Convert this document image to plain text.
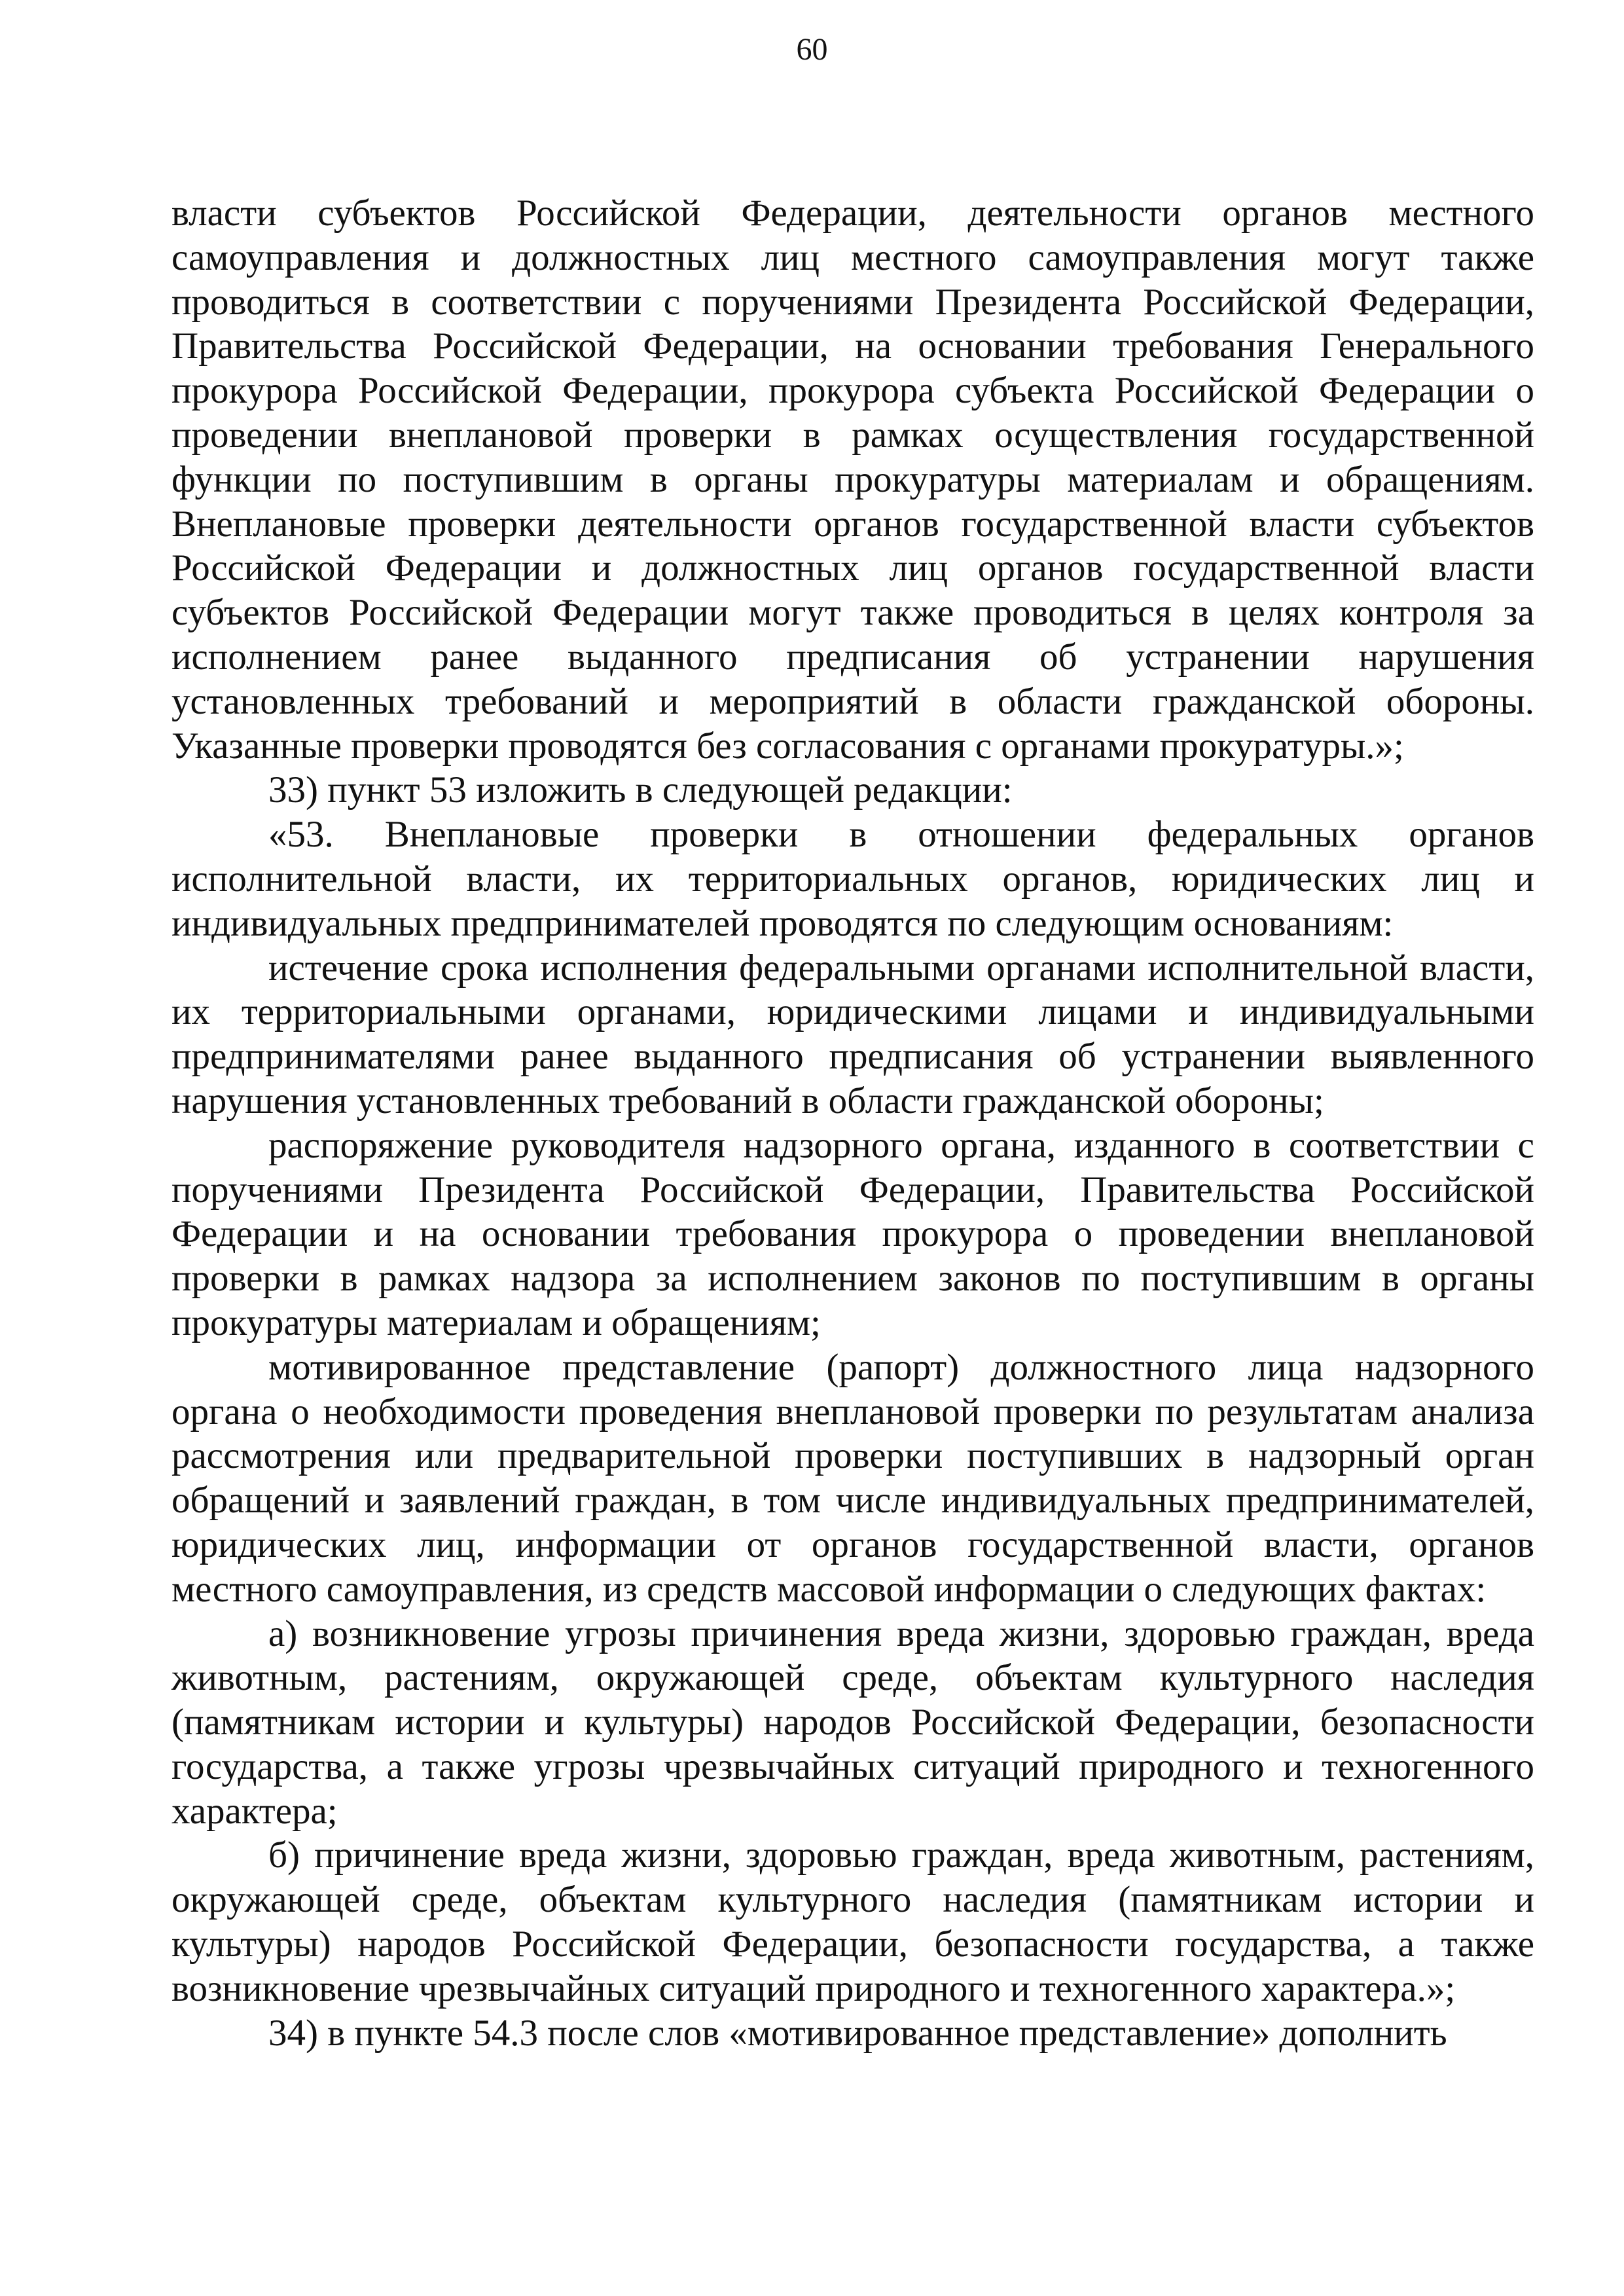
60

власти субъектов Российской Федерации, деятельности органов местного самоуправления и должностных лиц местного самоуправления могут также проводиться в соответствии с поручениями Президента Российской Федерации, Правительства Российской Федерации, на основании требования Генерального прокурора Российской Федерации, прокурора субъекта Российской Федерации о проведении внеплановой проверки в рамках осуществления государственной функции по поступившим в органы прокуратуры материалам и обращениям. Внеплановые проверки деятельности органов государственной власти субъектов Российской Федерации и должностных лиц органов государственной власти субъектов Российской Федерации могут также проводиться в целях контроля за исполнением ранее выданного предписания об устранении нарушения установленных требований и мероприятий в области гражданской обороны. Указанные проверки проводятся без согласования с органами прокуратуры.»;

33) пункт 53 изложить в следующей редакции:

«53. Внеплановые проверки в отношении федеральных органов исполнительной власти, их территориальных органов, юридических лиц и индивидуальных предпринимателей проводятся по следующим основаниям:

истечение срока исполнения федеральными органами исполнительной власти, их территориальными органами, юридическими лицами и индивидуальными предпринимателями ранее выданного предписания об устранении выявленного нарушения установленных требований в области гражданской обороны;

распоряжение руководителя надзорного органа, изданного в соответствии с поручениями Президента Российской Федерации, Правительства Российской Федерации и на основании требования прокурора о проведении внеплановой проверки в рамках надзора за исполнением законов по поступившим в органы прокуратуры материалам и обращениям;

мотивированное представление (рапорт) должностного лица надзорного органа о необходимости проведения внеплановой проверки по результатам анализа рассмотрения или предварительной проверки поступивших в надзорный орган обращений и заявлений граждан, в том числе индивидуальных предпринимателей, юридических лиц, информации от органов государственной власти, органов местного самоуправления, из средств массовой информации о следующих фактах:

а) возникновение угрозы причинения вреда жизни, здоровью граждан, вреда животным, растениям, окружающей среде, объектам культурного наследия (памятникам истории и культуры) народов Российской Федерации, безопасности государства, а также угрозы чрезвычайных ситуаций природного и техногенного характера;

б) причинение вреда жизни, здоровью граждан, вреда животным, растениям, окружающей среде, объектам культурного наследия (памятникам истории и культуры) народов Российской Федерации, безопасности государства, а также возникновение чрезвычайных ситуаций природного и техногенного характера.»;

34) в пункте 54.3 после слов «мотивированное представление» дополнить
